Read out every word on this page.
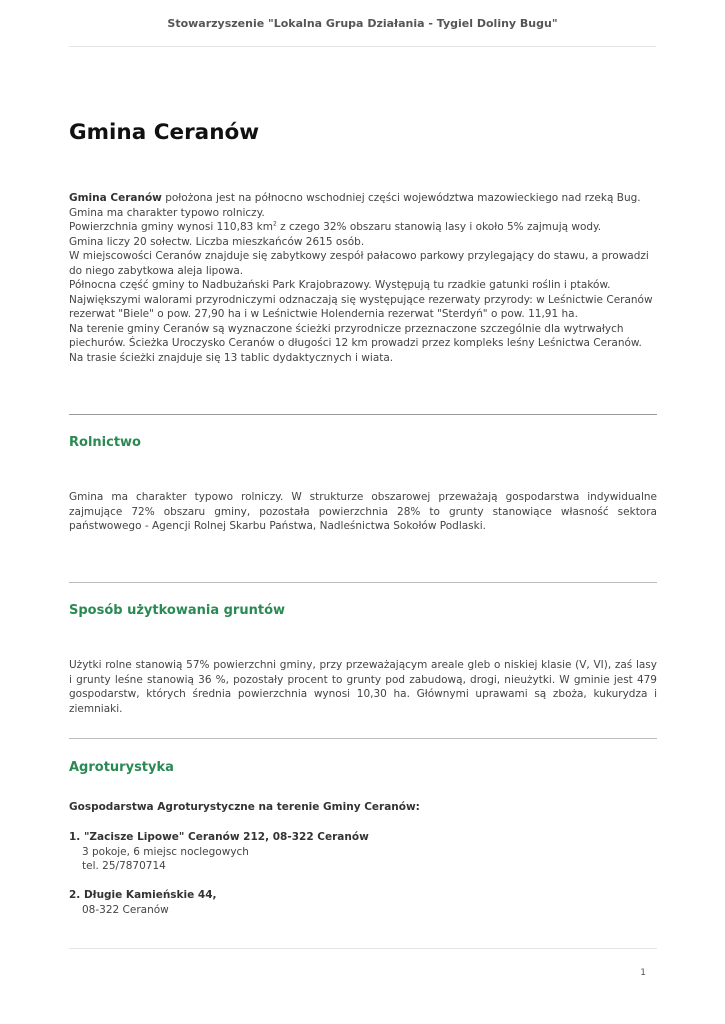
Stowarzyszenie "Lokalna Grupa Działania - Tygiel Doliny Bugu"
Gmina Ceranów

Gmina Ceranów położona jest na północno wschodniej części województwa mazowieckiego nad rzeką Bug. Gmina ma charakter typowo rolniczy.

Powierzchnia gminy wynosi 110,83 $km^2$ z czego 32% obszaru stanowią lasy i około 5% zajmują wody.

Gmina liczy 20 sołectw. Liczba mieszkańców 2615 osób.

W miejscowości Ceranów znajduje się zabytkowy zespół pałacowo parkowy przylegający do stawu, a prowadzi do niego zabytkowa aleja lipowa.

Północna część gminy to Nadbużański Park Krajobrazowy. Występują tu rzadkie gatunki roślin i ptaków. Największymi walorami przyrodniczymi odznaczają się występujące rezerwaty przyrody: w Leśnictwie Ceranów rezerwat "Biele" o pow. 27,90 ha i w Leśnictwie Holendernia rezerwat "Sterdyń" o pow. 11,91 ha.

Na terenie gminy Ceranów są wyznaczone ścieżki przyrodnicze przeznaczone szczególnie dla wytrwałych piechurów. Ścieżka Uroczysko Ceranów o długości 12 km prowadzi przez kompleks leśny Leśnictwa Ceranów. Na trasie ścieżki znajduje się 13 tablic dydaktycznych i wiata.

Rolnictwo

Gmina ma charakter typowo rolniczy. W strukturze obszarowej przeważają gospodarstwa indywidualne zajmujące 72% obszaru gminy, pozostała powierzchnia 28% to grunty stanowiące własność sektora państwowego - Agencji Rolnej Skarbu Państwa, Nadleśnictwa Sokołów Podlaski.

Sposób użytkowania gruntów

Użytki rolne stanowią 57% powierzchni gminy, przy przeważającym areale gleb o niskiej klasie (V, VI), zaś lasy i grunty leśne stanowią 36 %, pozostały procent to grunty pod zabudową, drogi, nieużytki. W gminie jest 479 gospodarstw, których średnia powierzchnia wynosi 10,30 ha. Głównymi uprawami są zboża, kukurydza i ziemniaki.

Agroturystyka

Gospodarstwa Agroturystyczne na terenie Gminy Ceranów:

1. "Zacisze Lipowe" Ceranów 212, 08-322 Ceranów
3 pokoje, 6 miejsc noclegowych
tel. 25/7870714
2. Długie Kamieńskie 44,
08-322 Ceranów
1
